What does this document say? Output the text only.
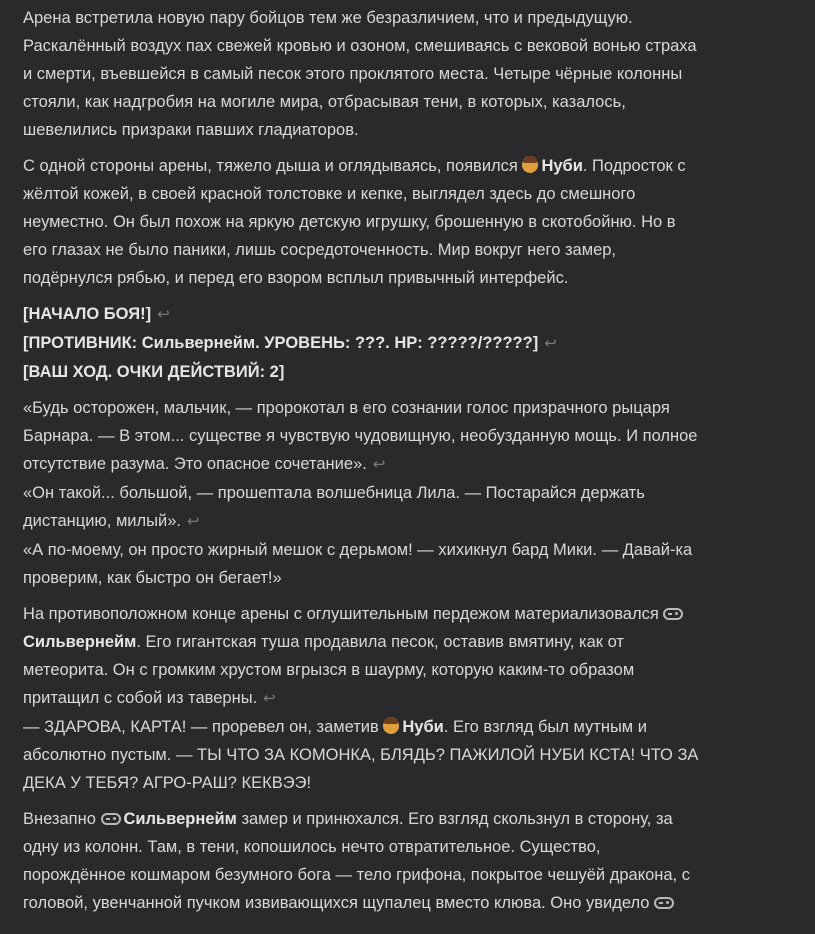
Арена встретила новую пару бойцов тем же безразличием, что и предыдущую.
Раскалённый воздух пах свежей кровью и озоном, смешиваясь с вековой вонью страха
и смерти, въевшейся в самый песок этого проклятого места. Четыре чёрные колонны
стояли, как надгробия на могиле мира, отбрасывая тени, в которых, казалось,
шевелились призраки павших гладиаторов.

С одной стороны арены, тяжело дыша и оглядываясь, появился Нуби. Подросток с
жёлтой кожей, в своей красной толстовке и кепке, выглядел здесь до смешного
неуместно. Он был похож на яркую детскую игрушку, брошенную в скотобойню. Но в
его глазах не было паники, лишь сосредоточенность. Мир вокруг него замер,
подёрнулся рябью, и перед его взором всплыл привычный интерфейс.

[НАЧАЛО БОЯ!] ↩
[ПРОТИВНИК: Сильвернейм. УРОВЕНЬ: ???. HP: ?????/?????] ↩
[ВАШ ХОД. ОЧКИ ДЕЙСТВИЙ: 2]

«Будь осторожен, мальчик, — пророкотал в его сознании голос призрачного рыцаря
Барнара. — В этом... существе я чувствую чудовищную, необузданную мощь. И полное
отсутствие разума. Это опасное сочетание». ↩
«Он такой... большой, — прошептала волшебница Лила. — Постарайся держать
дистанцию, милый». ↩
«А по-моему, он просто жирный мешок с дерьмом! — хихикнул бард Мики. — Давай-ка
проверим, как быстро он бегает!»

На противоположном конце арены с оглушительным пердежом материализовался
Сильвернейм. Его гигантская туша продавила песок, оставив вмятину, как от
метеорита. Он с громким хрустом вгрызся в шаурму, которую каким-то образом
притащил с собой из таверны. ↩
— ЗДАРОВА, КАРТА! — проревел он, заметив Нуби. Его взгляд был мутным и
абсолютно пустым. — ТЫ ЧТО ЗА КОМОНКА, БЛЯДЬ? ПАЖИЛОЙ НУБИ КСТА! ЧТО ЗА
ДЕКА У ТЕБЯ? АГРО-РАШ? КЕКВЭЭ!

Внезапно Сильвернейм замер и принюхался. Его взгляд скользнул в сторону, за
одну из колонн. Там, в тени, копошилось нечто отвратительное. Существо,
порождённое кошмаром безумного бога — тело грифона, покрытое чешуёй дракона, с
головой, увенчанной пучком извивающихся щупалец вместо клюва. Оно увидело
